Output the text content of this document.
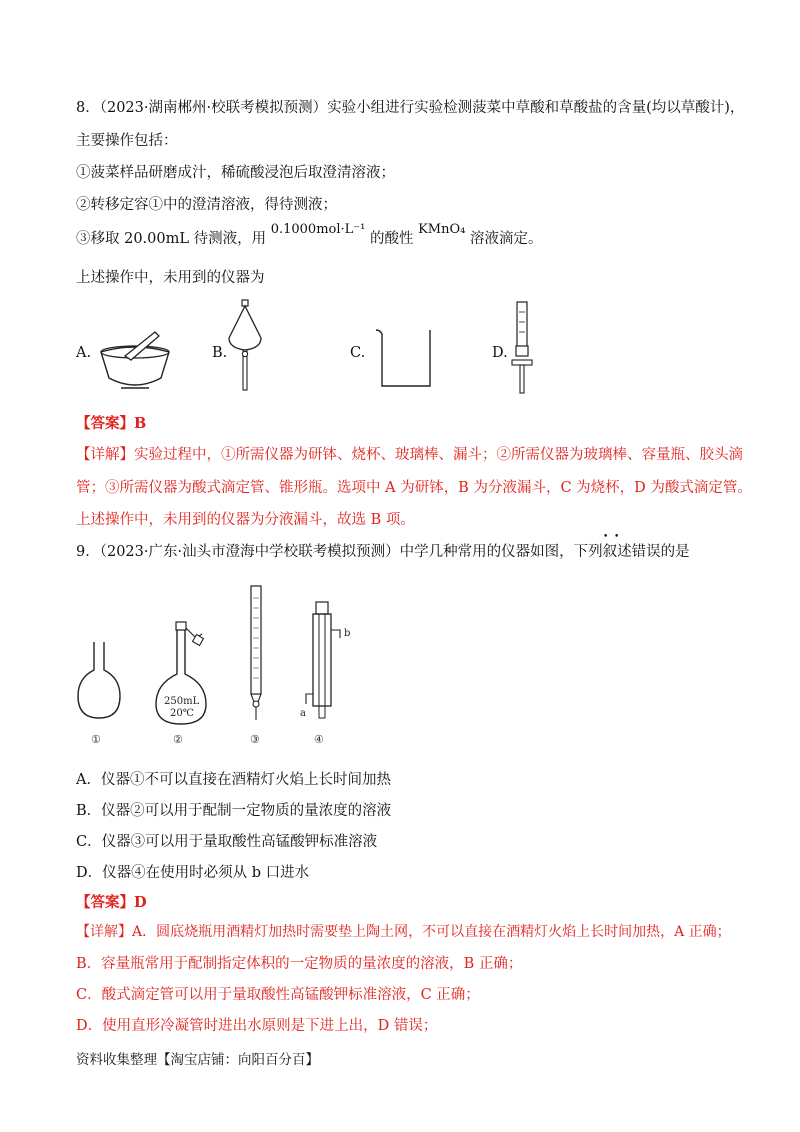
8．（2023·湖南郴州·校联考模拟预测）实验小组进行实验检测菠菜中草酸和草酸盐的含量(均以草酸计)，
主要操作包括：
①菠菜样品研磨成汁，稀硫酸浸泡后取澄清溶液；
②转移定容①中的澄清溶液，得待测液；
③移取 20.00mL 待测液，用 0.1000mol·L⁻¹ 的酸性 KMnO₄ 溶液滴定。
上述操作中，未用到的仪器为
A.	B.	C.	D.
【答案】B
【详解】实验过程中，①所需仪器为研钵、烧杯、玻璃棒、漏斗；②所需仪器为玻璃棒、容量瓶、胶头滴
管；③所需仪器为酸式滴定管、锥形瓶。选项中 A 为研钵，B 为分液漏斗，C 为烧杯，D 为酸式滴定管。
上述操作中，未用到的仪器为分液漏斗，故选 B 项。
9．（2023·广东·汕头市澄海中学校联考模拟预测）中学几种常用的仪器如图，下列叙述错误的是
•  •
①
250mL
20℃
②	③
b
a
④
A．仪器①不可以直接在酒精灯火焰上长时间加热
B．仪器②可以用于配制一定物质的量浓度的溶液
C．仪器③可以用于量取酸性高锰酸钾标准溶液
D．仪器④在使用时必须从 b 口进水
【答案】D
【详解】A．圆底烧瓶用酒精灯加热时需要垫上陶土网，不可以直接在酒精灯火焰上长时间加热，A 正确；
B．容量瓶常用于配制指定体积的一定物质的量浓度的溶液，B 正确；
C．酸式滴定管可以用于量取酸性高锰酸钾标准溶液，C 正确；
D．使用直形冷凝管时进出水原则是下进上出，D 错误；
资料收集整理【淘宝店铺：向阳百分百】
